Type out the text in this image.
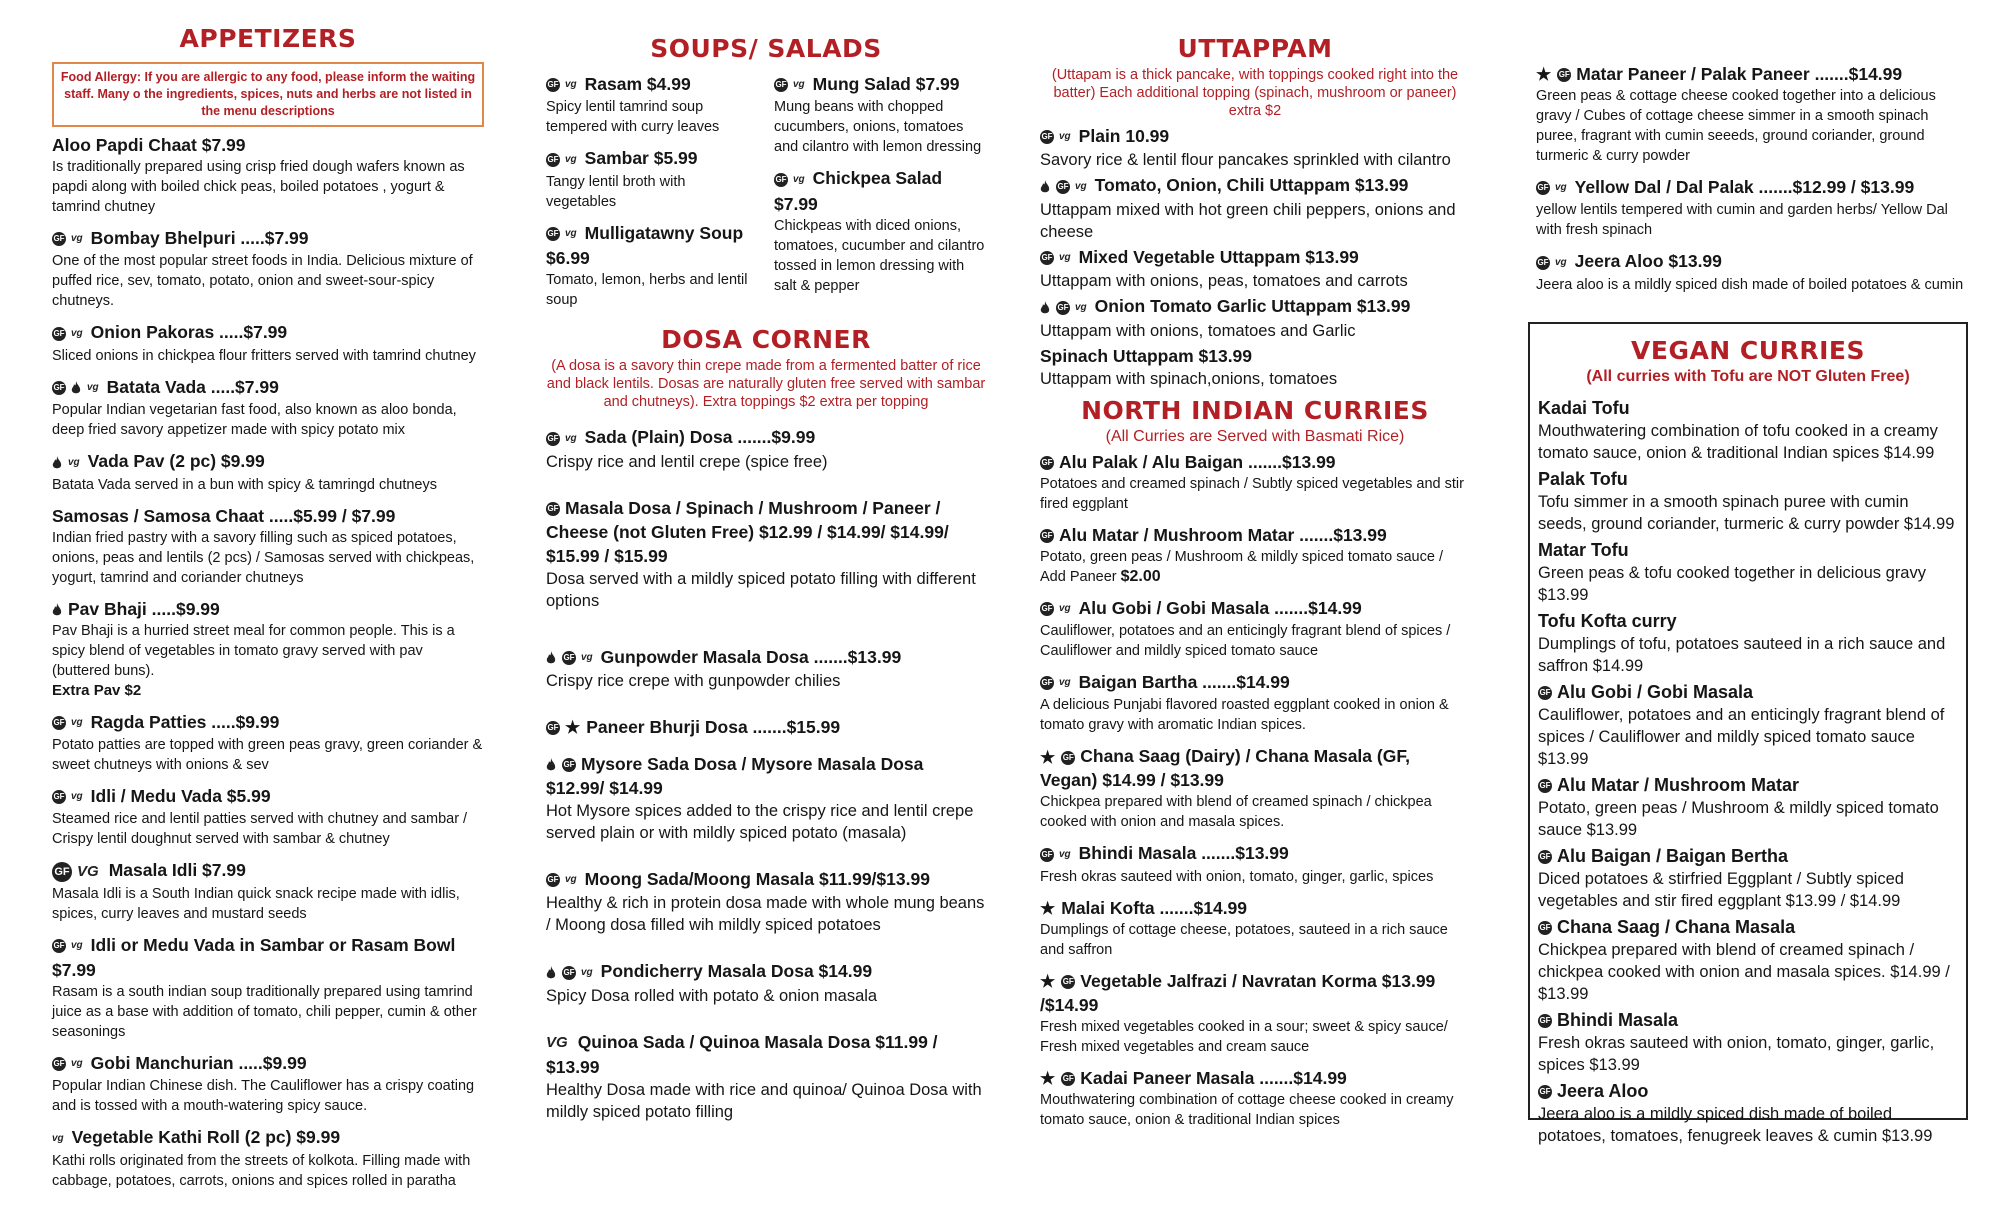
APPETIZERS
Food Allergy: If you are allergic to any food, please inform the waiting staff. Many o the ingredients, spices, nuts and herbs are not listed in the menu descriptions
Aloo Papdi Chaat $7.99
Is traditionally prepared using crisp fried dough wafers known as papdi along with boiled chick peas, boiled potatoes , yogurt & tamrind chutney
GF vg Bombay Bhelpuri .....$7.99
One of the most popular street foods in India. Delicious mixture of puffed rice, sev, tomato, potato, onion and sweet-sour-spicy chutneys.
GF vg Onion Pakoras .....$7.99
Sliced onions in chickpea flour fritters served with tamrind chutney
GF vg Batata Vada .....$7.99
Popular Indian vegetarian fast food, also known as aloo bonda, deep fried savory appetizer made with spicy potato mix
vg Vada Pav (2 pc) $9.99
Batata Vada served in a bun with spicy & tamringd chutneys
Samosas / Samosa Chaat .....$5.99 / $7.99
Indian fried pastry with a savory filling such as spiced potatoes, onions, peas and lentils (2 pcs) / Samosas served with chickpeas, yogurt, tamrind and coriander chutneys
Pav Bhaji .....$9.99
Pav Bhaji is a hurried street meal for common people. This is a spicy blend of vegetables in tomato gravy served with pav (buttered buns).
Extra Pav $2
GF vg Ragda Patties .....$9.99
Potato patties are topped with green peas gravy, green coriander & sweet chutneys with onions & sev
GF vg Idli / Medu Vada $5.99
Steamed rice and lentil patties served with chutney and sambar / Crispy lentil doughnut served with sambar & chutney
GF VG Masala Idli $7.99
Masala Idli is a South Indian quick snack recipe made with idlis, spices, curry leaves and mustard seeds
GF vg Idli or Medu Vada in Sambar or Rasam Bowl $7.99
Rasam is a south indian soup traditionally prepared using tamrind juice as a base with addition of tomato, chili pepper, cumin & other seasonings
GF vg Gobi Manchurian .....$9.99
Popular Indian Chinese dish. The Cauliflower has a crispy coating and is tossed with a mouth-watering spicy sauce.
vg Vegetable Kathi Roll (2 pc) $9.99
Kathi rolls originated from the streets of kolkota. Filling made with cabbage, potatoes, carrots, onions and spices rolled in paratha
SOUPS/ SALADS
GF vg Rasam $4.99
Spicy lentil tamrind soup tempered with curry leaves
GF vg Sambar $5.99
Tangy lentil broth with vegetables
GF vg Mulligatawny Soup $6.99
Tomato, lemon, herbs and lentil soup
GF vg Mung Salad $7.99
Mung beans with chopped cucumbers, onions, tomatoes and cilantro with lemon dressing
GF vg Chickpea Salad $7.99
Chickpeas with diced onions, tomatoes, cucumber and cilantro tossed in lemon dressing with salt & pepper
DOSA CORNER

(A dosa is a savory thin crepe made from a fermented batter of rice and black lentils. Dosas are naturally gluten free served with sambar and chutneys). Extra toppings $2 extra per topping

GF vg Sada (Plain) Dosa .......$9.99
Crispy rice and lentil crepe (spice free)
GF Masala Dosa / Spinach / Mushroom / Paneer / Cheese (not Gluten Free) $12.99 / $14.99/ $14.99/ $15.99 / $15.99
Dosa served with a mildly spiced potato filling with different options
GF vg Gunpowder Masala Dosa .......$13.99
Crispy rice crepe with gunpowder chilies
GF ★ Paneer Bhurji Dosa .......$15.99
GF Mysore Sada Dosa / Mysore Masala Dosa $12.99/ $14.99
Hot Mysore spices added to the crispy rice and lentil crepe served plain or with mildly spiced potato (masala)
GF vg Moong Sada/Moong Masala $11.99/$13.99
Healthy & rich in protein dosa made with whole mung beans / Moong dosa filled wih mildly spiced potatoes
GF vg Pondicherry Masala Dosa $14.99
Spicy Dosa rolled with potato & onion masala
VG Quinoa Sada / Quinoa Masala Dosa $11.99 / $13.99
Healthy Dosa made with rice and quinoa/ Quinoa Dosa with mildly spiced potato filling
UTTAPPAM

(Uttapam is a thick pancake, with toppings cooked right into the batter) Each additional topping (spinach, mushroom or paneer) extra $2

GF vg Plain 10.99
Savory rice & lentil flour pancakes sprinkled with cilantro
GF vg Tomato, Onion, Chili Uttappam $13.99
Uttappam mixed with hot green chili peppers, onions and cheese
GF vg Mixed Vegetable Uttappam $13.99
Uttappam with onions, peas, tomatoes and carrots
GF vg Onion Tomato Garlic Uttappam $13.99
Uttappam with onions, tomatoes and Garlic
Spinach Uttappam $13.99
Uttappam with spinach,onions, tomatoes
NORTH INDIAN CURRIES

(All Curries are Served with Basmati Rice)

GF Alu Palak / Alu Baigan .......$13.99
Potatoes and creamed spinach / Subtly spiced vegetables and stir fired eggplant
GF Alu Matar / Mushroom Matar .......$13.99
Potato, green peas / Mushroom & mildly spiced tomato sauce / Add Paneer $2.00
GF vg Alu Gobi / Gobi Masala .......$14.99
Cauliflower, potatoes and an enticingly fragrant blend of spices / Cauliflower and mildly spiced tomato sauce
GF vg Baigan Bartha .......$14.99
A delicious Punjabi flavored roasted eggplant cooked in onion & tomato gravy with aromatic Indian spices.
★ GF Chana Saag (Dairy) / Chana Masala (GF, Vegan) $14.99 / $13.99
Chickpea prepared with blend of creamed spinach / chickpea cooked with onion and masala spices.
GF vg Bhindi Masala .......$13.99
Fresh okras sauteed with onion, tomato, ginger, garlic, spices
★ Malai Kofta .......$14.99
Dumplings of cottage cheese, potatoes, sauteed in a rich sauce and saffron
★ GF Vegetable Jalfrazi / Navratan Korma $13.99 /$14.99
Fresh mixed vegetables cooked in a sour; sweet & spicy sauce/ Fresh mixed vegetables and cream sauce
★ GF Kadai Paneer Masala .......$14.99
Mouthwatering combination of cottage cheese cooked in creamy tomato sauce, onion & traditional Indian spices
★ GF Matar Paneer / Palak Paneer .......$14.99
Green peas & cottage cheese cooked together into a delicious gravy / Cubes of cottage cheese simmer in a smooth spinach puree, fragrant with cumin seeeds, ground coriander, ground turmeric & curry powder
GF vg Yellow Dal / Dal Palak .......$12.99 / $13.99
yellow lentils tempered with cumin and garden herbs/ Yellow Dal with fresh spinach
GF vg Jeera Aloo $13.99
Jeera aloo is a mildly spiced dish made of boiled potatoes & cumin
VEGAN CURRIES

(All curries with Tofu are NOT Gluten Free)

Kadai Tofu
Mouthwatering combination of tofu cooked in a creamy tomato sauce, onion & traditional Indian spices $14.99
Palak Tofu
Tofu simmer in a smooth spinach puree with cumin seeds, ground coriander, turmeric & curry powder $14.99
Matar Tofu
Green peas & tofu cooked together in delicious gravy $13.99
Tofu Kofta curry
Dumplings of tofu, potatoes sauteed in a rich sauce and saffron $14.99
GF Alu Gobi / Gobi Masala
Cauliflower, potatoes and an enticingly fragrant blend of spices / Cauliflower and mildly spiced tomato sauce $13.99
GF Alu Matar / Mushroom Matar
Potato, green peas / Mushroom & mildly spiced tomato sauce $13.99
GF Alu Baigan / Baigan Bertha
Diced potatoes & stirfried Eggplant / Subtly spiced vegetables and stir fired eggplant $13.99 / $14.99
GF Chana Saag / Chana Masala
Chickpea prepared with blend of creamed spinach / chickpea cooked with onion and masala spices. $14.99 / $13.99
GF Bhindi Masala
Fresh okras sauteed with onion, tomato, ginger, garlic, spices $13.99
GF Jeera Aloo
Jeera aloo is a mildly spiced dish made of boiled potatoes, tomatoes, fenugreek leaves & cumin $13.99
